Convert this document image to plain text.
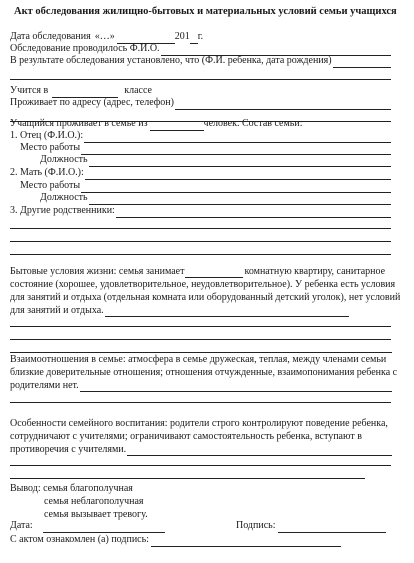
Акт обследования жилищно-бытовых и материальных условий семьи учащихся
Дата обследования «…»	201 г.
Обследование проводилось Ф.И.О.
В результате обследования установлено, что (Ф.И. ребенка, дата рождения)
Учится в	классе
Проживает по адресу (адрес, телефон)
Учащийся проживает в семье из	человек. Состав семьи:
1. Отец (Ф.И.О.):
Место работы
Должность
2. Мать (Ф.И.О.):
Место работы
Должность
3. Другие родственники:
Бытовые условия жизни: семья занимает	комнатную квартиру, санитарное
состояние (хорошее, удовлетворительное, неудовлетворительное). У ребенка есть условия
для занятий и отдыха (отдельная комната или оборудованный детский уголок), нет условий
для занятий и отдыха.
Взаимоотношения в семье: атмосфера в семье дружеская, теплая, между членами семьи
близкие доверительные отношения; отношения отчужденные, взаимопонимания ребенка с
родителями нет.
Особенности семейного воспитания: родители строго контролируют поведение ребенка,
сотрудничают с учителями; ограничивают самостоятельность ребенка, вступают в
противоречия с учителями.
Вывод: семья благополучная
семья неблагополучная
семья вызывает тревогу.
Дата:	Подпись:
С актом ознакомлен (а) подпись:
